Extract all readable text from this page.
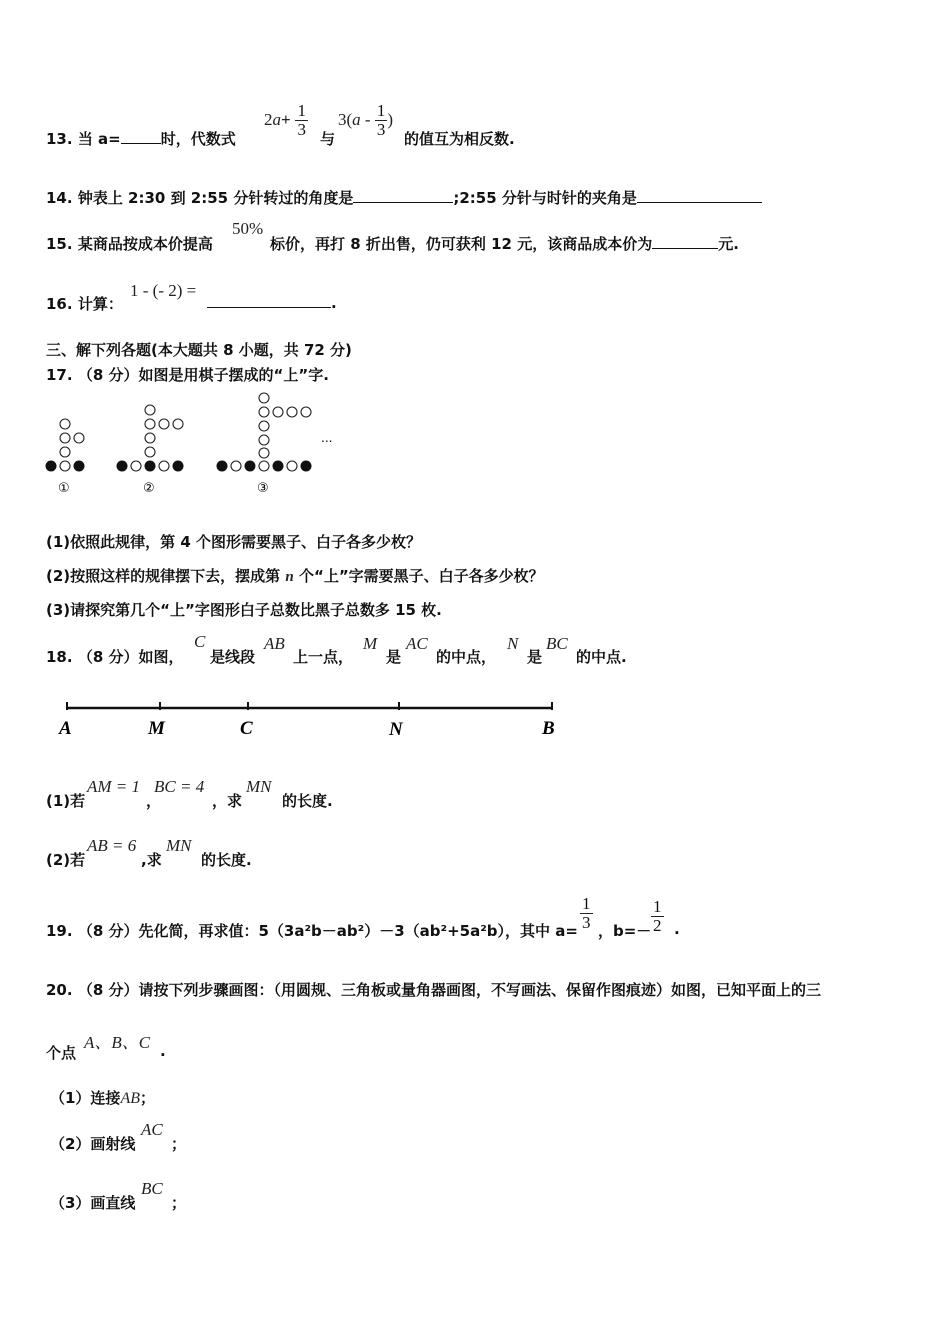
13. 当 a=	时，代数式
$2a+ \frac{1}{3}$ 与
$3(a - \frac{1}{3}$ )
的值互为相反数.
14. 钟表上 2:30 到 2:55 分针转过的角度是	;2:55 分针与时针的夹角是
15. 某商品按成本价提高
50%
标价，再打 8 折出售，仍可获利 12 元，该商品成本价为	元.
16. 计算：
1 - (- 2) =
.
三、解下列各题(本大题共 8 小题，共 72 分)
17. （8 分）如图是用棋子摆成的“上”字.
...
①	②	③
(1)依照此规律，第 4 个图形需要黑子、白子各多少枚？
(2)按照这样的规律摆下去，摆成第 n 个“上”字需要黑子、白子各多少枚？
(3)请探究第几个“上”字图形白子总数比黑子总数多 15 枚.
18. （8 分）如图，
C
是线段
AB
上一点，
M
是
AC
的中点，
N
是
BC
的中点.
A	M	C	N	B
(1)若
AM = 1
，
BC = 4
，求
MN
的长度.
(2)若
AB = 6
,求
MN
的长度.
19. （8 分）先化简，再求值：5（3a²b－ab²）－3（ab²+5a²b），其中 $a= \frac{1}{3}$ ，$b=- \frac{1}{2}$ .
20. （8 分）请按下列步骤画图：（用圆规、三角板或量角器画图，不写画法、保留作图痕迹）如图，已知平面上的三
个点
A、B、C .
（1）连接AB；
（2）画射线
AC
；
（3）画直线
BC
；
